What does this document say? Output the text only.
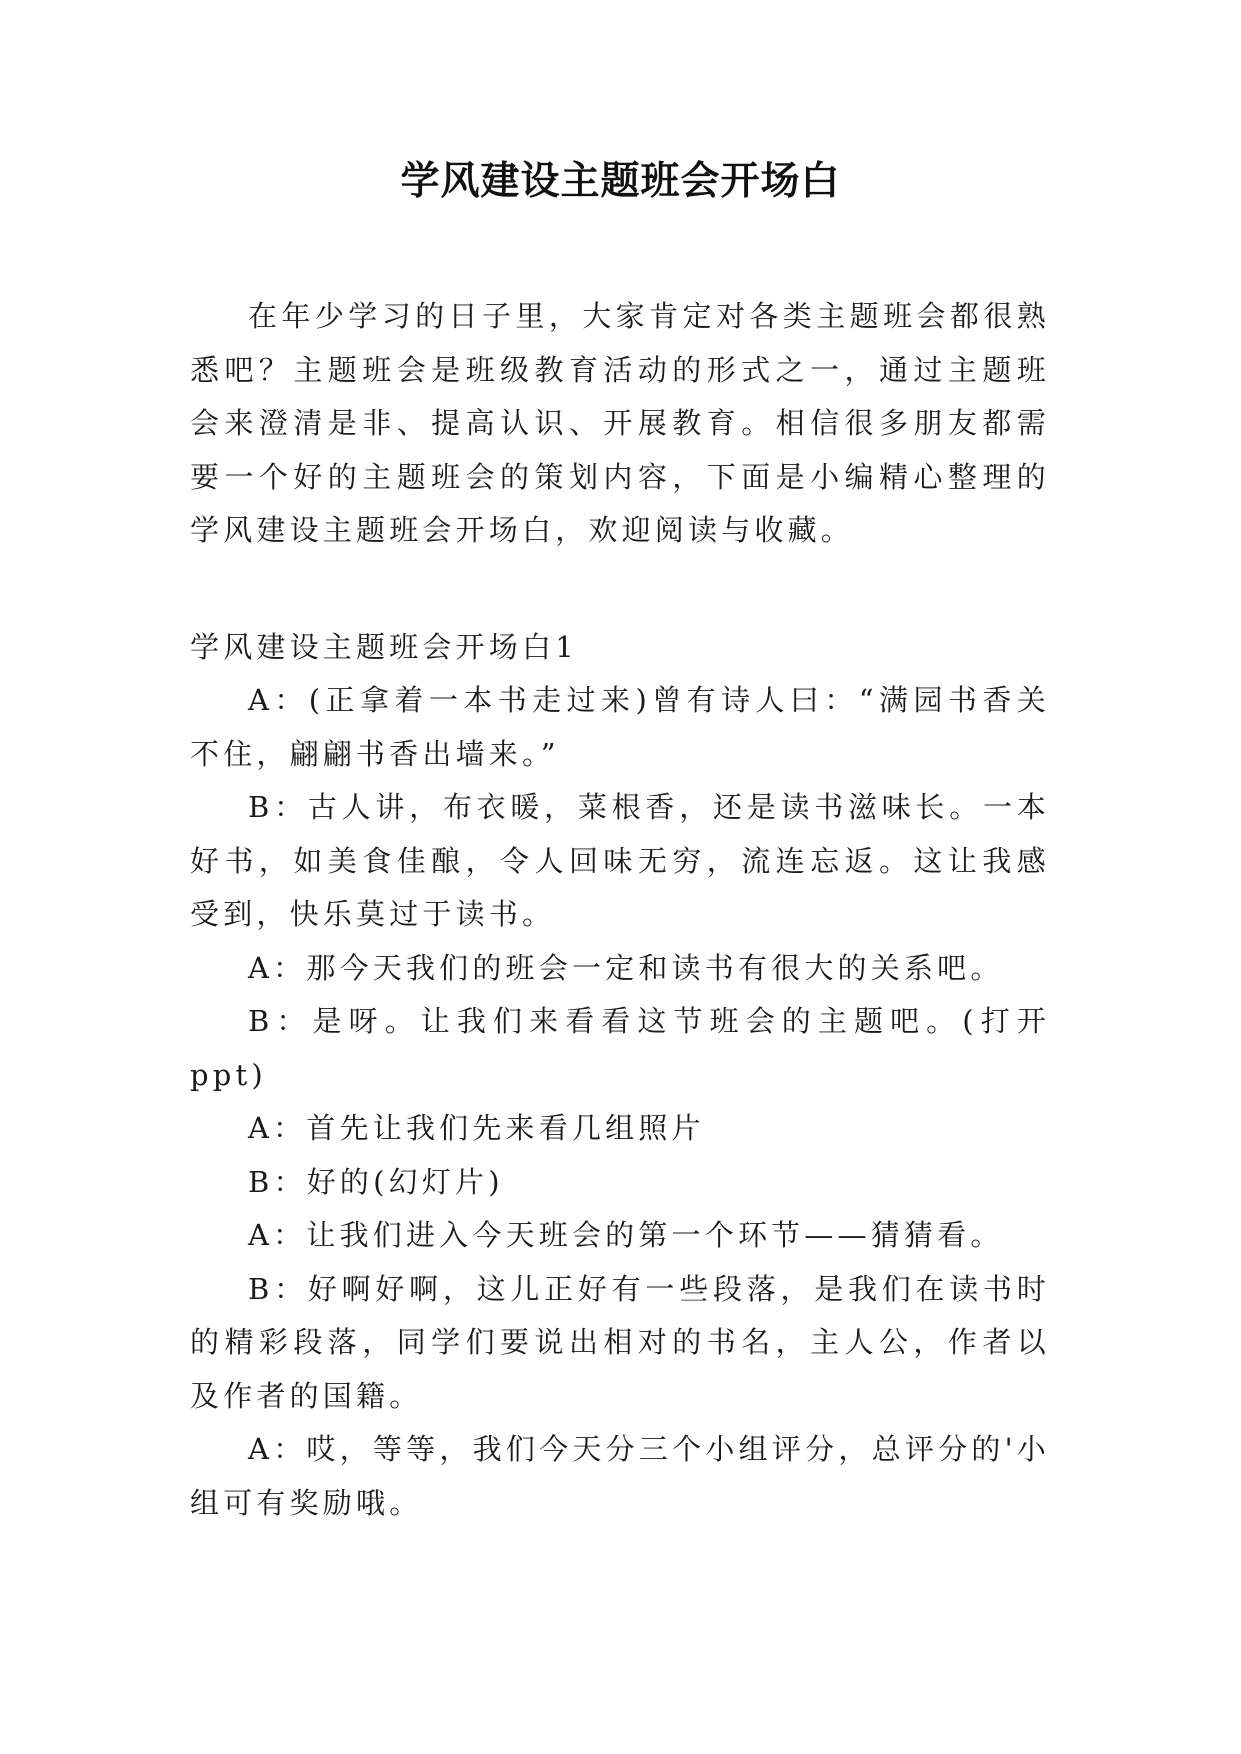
学风建设主题班会开场白

在年少学习的日子里，大家肯定对各类主题班会都很熟悉吧？主题班会是班级教育活动的形式之一，通过主题班会来澄清是非、提高认识、开展教育。相信很多朋友都需要一个好的主题班会的策划内容，下面是小编精心整理的学风建设主题班会开场白，欢迎阅读与收藏。

学风建设主题班会开场白1

A：(正拿着一本书走过来)曾有诗人曰：“满园书香关不住，翩翩书香出墙来。”

B：古人讲，布衣暖，菜根香，还是读书滋味长。一本好书，如美食佳酿，令人回味无穷，流连忘返。这让我感受到，快乐莫过于读书。

A：那今天我们的班会一定和读书有很大的关系吧。

B：是呀。让我们来看看这节班会的主题吧。(打开ppt)

A：首先让我们先来看几组照片

B：好的(幻灯片)

A：让我们进入今天班会的第一个环节——猜猜看。

B：好啊好啊，这儿正好有一些段落，是我们在读书时的精彩段落，同学们要说出相对的书名，主人公，作者以及作者的国籍。

A：哎，等等，我们今天分三个小组评分，总评分的'小组可有奖励哦。
